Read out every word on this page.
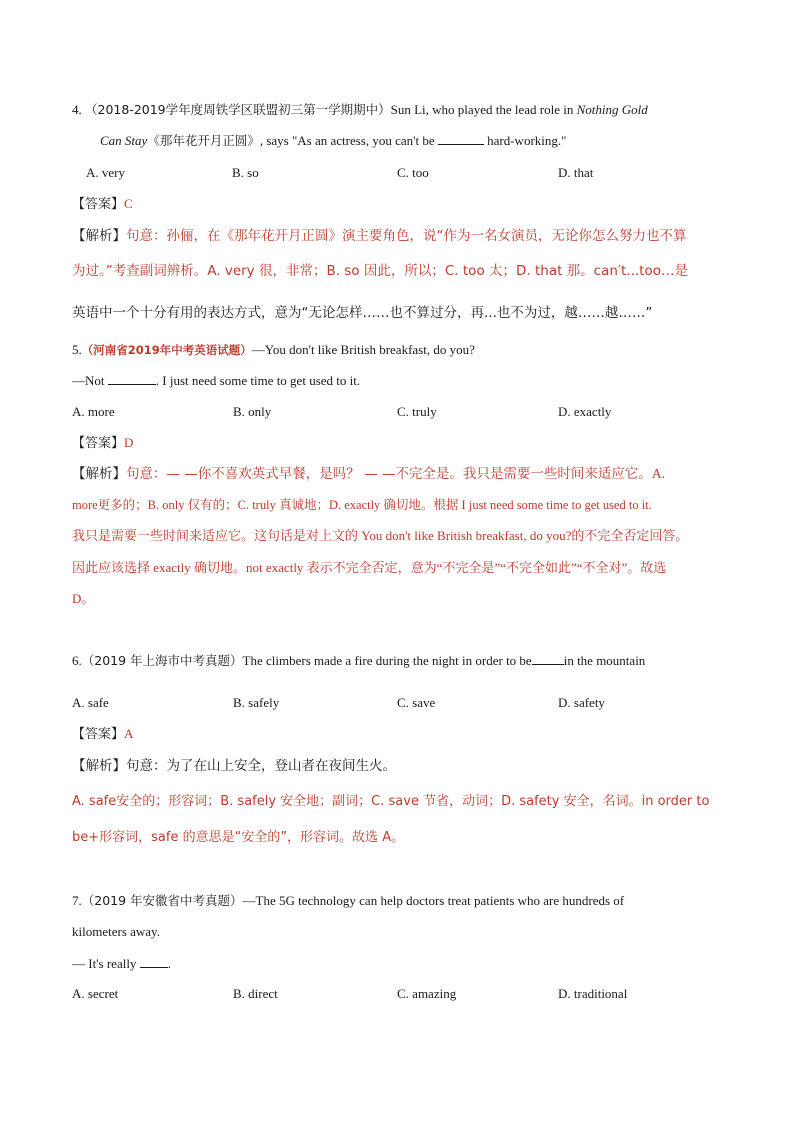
4. （2018-2019学年度周铁学区联盟初三第一学期期中）Sun Li, who played the lead role in Nothing Gold
Can Stay《那年花开月正圆》, says "As an actress, you can't be	hard-working."
A. very	B. so	C. too	D. that
【答案】C
【解析】句意：孙俪，在《那年花开月正圆》演主要角色，说“作为一名女演员，无论你怎么努力也不算
为过。”考查副词辨析。A. very 很，非常；B. so 因此，所以；C. too 太；D. that 那。can′t...too…是
英语中一个十分有用的表达方式，意为“无论怎样……也不算过分，再...也不为过，越……越……”
5.（河南省2019年中考英语试题）—You don't like British breakfast, do you?
—Not	. I just need some time to get used to it.
A. more	B. only	C. truly	D. exactly
【答案】D
【解析】句意：— —你不喜欢英式早餐，是吗？ — —不完全是。我只是需要一些时间来适应它。A.
more更多的；B. only 仅有的；C. truly 真诚地；D. exactly 确切地。根据 I just need some time to get used to it.
我只是需要一些时间来适应它。这句话是对上文的 You don't like British breakfast, do you?的不完全否定回答。
因此应该选择 exactly 确切地。not exactly 表示不完全否定，意为“不完全是”“不完全如此”“不全对”。故选
D。
6.（2019 年上海市中考真题）The climbers made a fire during the night in order to be in the mountain
A. safe	B. safely	C. save	D. safety
【答案】A
【解析】句意：为了在山上安全，登山者在夜间生火。
A. safe安全的；形容词；B. safely 安全地；副词；C. save 节省，动词；D. safety 安全，名词。in order to
be+形容词，safe 的意思是“安全的”，形容词。故选 A。
7.（2019 年安徽省中考真题）—The 5G technology can help doctors treat patients who are hundreds of
kilometers away.
— It's really .
A. secret	B. direct	C. amazing	D. traditional
